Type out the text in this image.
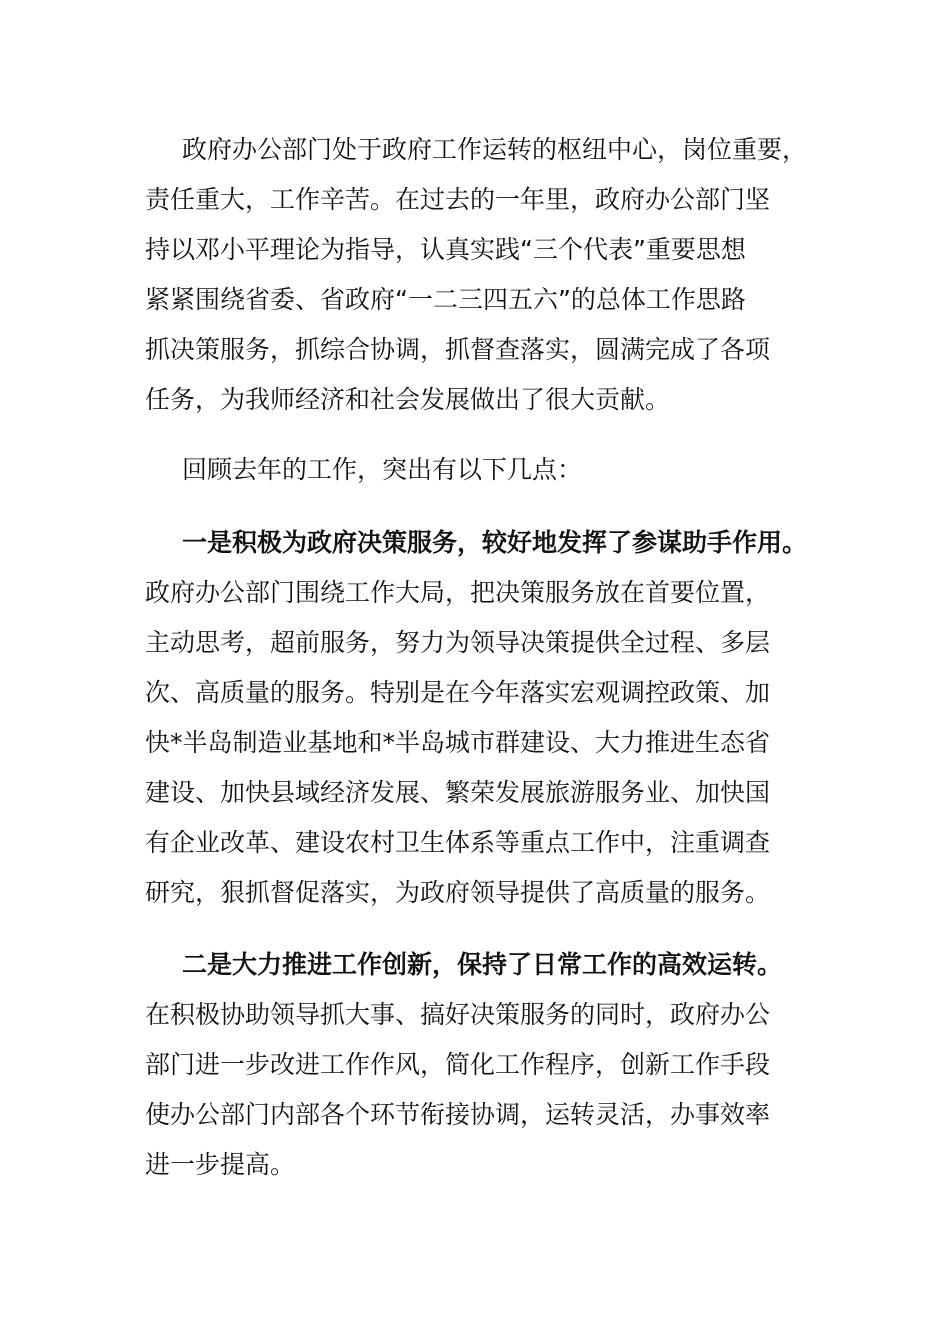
政府办公部门处于政府工作运转的枢纽中心，岗位重要，
责任重大，工作辛苦。在过去的一年里，政府办公部门坚
持以邓小平理论为指导，认真实践“三个代表”重要思想
紧紧围绕省委、省政府“一二三四五六”的总体工作思路
抓决策服务，抓综合协调，抓督查落实，圆满完成了各项
任务，为我师经济和社会发展做出了很大贡献。
回顾去年的工作，突出有以下几点：
一是积极为政府决策服务，较好地发挥了参谋助手作用。
政府办公部门围绕工作大局，把决策服务放在首要位置，
主动思考，超前服务，努力为领导决策提供全过程、多层
次、高质量的服务。特别是在今年落实宏观调控政策、加
快*半岛制造业基地和*半岛城市群建设、大力推进生态省
建设、加快县域经济发展、繁荣发展旅游服务业、加快国
有企业改革、建设农村卫生体系等重点工作中，注重调查
研究，狠抓督促落实，为政府领导提供了高质量的服务。
二是大力推进工作创新，保持了日常工作的高效运转。
在积极协助领导抓大事、搞好决策服务的同时，政府办公
部门进一步改进工作作风，简化工作程序，创新工作手段
使办公部门内部各个环节衔接协调，运转灵活，办事效率
进一步提高。
